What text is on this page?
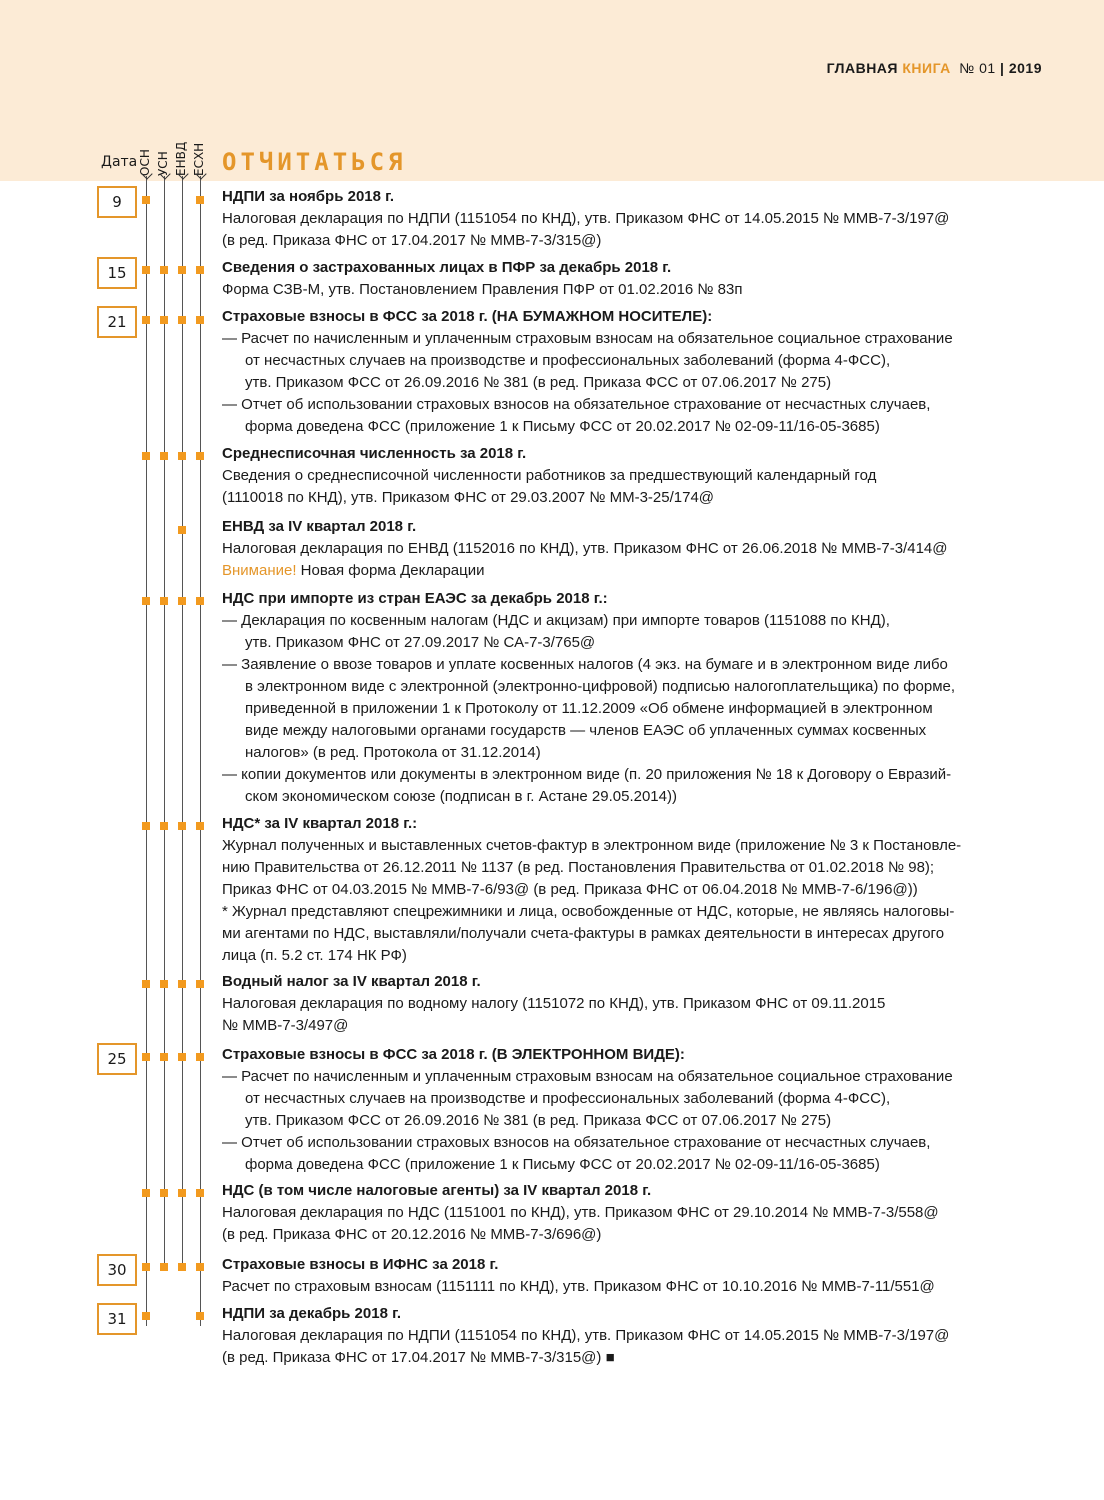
ГЛАВНАЯ КНИГА № 01 | 2019
Дата ОСН УСН ЕНВД ЕСХН ОТЧИТАТЬСЯ
9
15
21
25
30
31
НДПИ за ноябрь 2018 г.
Налоговая декларация по НДПИ (1151054 по КНД), утв. Приказом ФНС от 14.05.2015 № ММВ-7-3/197@
(в ред. Приказа ФНС от 17.04.2017 № ММВ-7-3/315@)
Сведения о застрахованных лицах в ПФР за декабрь 2018 г.
Форма СЗВ-М, утв. Постановлением Правления ПФР от 01.02.2016 № 83п
Страховые взносы в ФСС за 2018 г. (НА БУМАЖНОМ НОСИТЕЛЕ):
— Расчет по начисленным и уплаченным страховым взносам на обязательное социальное страхование
от несчастных случаев на производстве и профессиональных заболеваний (форма 4-ФСС),
утв. Приказом ФСС от 26.09.2016 № 381 (в ред. Приказа ФСС от 07.06.2017 № 275)
— Отчет об использовании страховых взносов на обязательное страхование от несчастных случаев,
форма доведена ФСС (приложение 1 к Письму ФСС от 20.02.2017 № 02-09-11/16-05-3685)
Среднесписочная численность за 2018 г.
Сведения о среднесписочной численности работников за предшествующий календарный год
(1110018 по КНД), утв. Приказом ФНС от 29.03.2007 № ММ-3-25/174@
ЕНВД за IV квартал 2018 г.
Налоговая декларация по ЕНВД (1152016 по КНД), утв. Приказом ФНС от 26.06.2018 № ММВ-7-3/414@
Внимание! Новая форма Декларации
НДС при импорте из стран ЕАЭС за декабрь 2018 г.:
— Декларация по косвенным налогам (НДС и акцизам) при импорте товаров (1151088 по КНД),
утв. Приказом ФНС от 27.09.2017 № СА-7-3/765@
— Заявление о ввозе товаров и уплате косвенных налогов (4 экз. на бумаге и в электронном виде либо
в электронном виде с электронной (электронно-цифровой) подписью налогоплательщика) по форме,
приведенной в приложении 1 к Протоколу от 11.12.2009 «Об обмене информацией в электронном
виде между налоговыми органами государств — членов ЕАЭС об уплаченных суммах косвенных
налогов» (в ред. Протокола от 31.12.2014)
— копии документов или документы в электронном виде (п. 20 приложения № 18 к Договору о Евразий-
ском экономическом союзе (подписан в г. Астане 29.05.2014))
НДС* за IV квартал 2018 г.:
Журнал полученных и выставленных счетов-фактур в электронном виде (приложение № 3 к Постановле-
нию Правительства от 26.12.2011 № 1137 (в ред. Постановления Правительства от 01.02.2018 № 98);
Приказ ФНС от 04.03.2015 № ММВ-7-6/93@ (в ред. Приказа ФНС от 06.04.2018 № ММВ-7-6/196@))
* Журнал представляют спецрежимники и лица, освобожденные от НДС, которые, не являясь налоговы-
ми агентами по НДС, выставляли/получали счета-фактуры в рамках деятельности в интересах другого
лица (п. 5.2 ст. 174 НК РФ)
Водный налог за IV квартал 2018 г.
Налоговая декларация по водному налогу (1151072 по КНД), утв. Приказом ФНС от 09.11.2015
№ ММВ-7-3/497@
Страховые взносы в ФСС за 2018 г. (В ЭЛЕКТРОННОМ ВИДЕ):
— Расчет по начисленным и уплаченным страховым взносам на обязательное социальное страхование
от несчастных случаев на производстве и профессиональных заболеваний (форма 4-ФСС),
утв. Приказом ФСС от 26.09.2016 № 381 (в ред. Приказа ФСС от 07.06.2017 № 275)
— Отчет об использовании страховых взносов на обязательное страхование от несчастных случаев,
форма доведена ФСС (приложение 1 к Письму ФСС от 20.02.2017 № 02-09-11/16-05-3685)
НДС (в том числе налоговые агенты) за IV квартал 2018 г.
Налоговая декларация по НДС (1151001 по КНД), утв. Приказом ФНС от 29.10.2014 № ММВ-7-3/558@
(в ред. Приказа ФНС от 20.12.2016 № ММВ-7-3/696@)
Страховые взносы в ИФНС за 2018 г.
Расчет по страховым взносам (1151111 по КНД), утв. Приказом ФНС от 10.10.2016 № ММВ-7-11/551@
НДПИ за декабрь 2018 г.
Налоговая декларация по НДПИ (1151054 по КНД), утв. Приказом ФНС от 14.05.2015 № ММВ-7-3/197@
(в ред. Приказа ФНС от 17.04.2017 № ММВ-7-3/315@) ■
